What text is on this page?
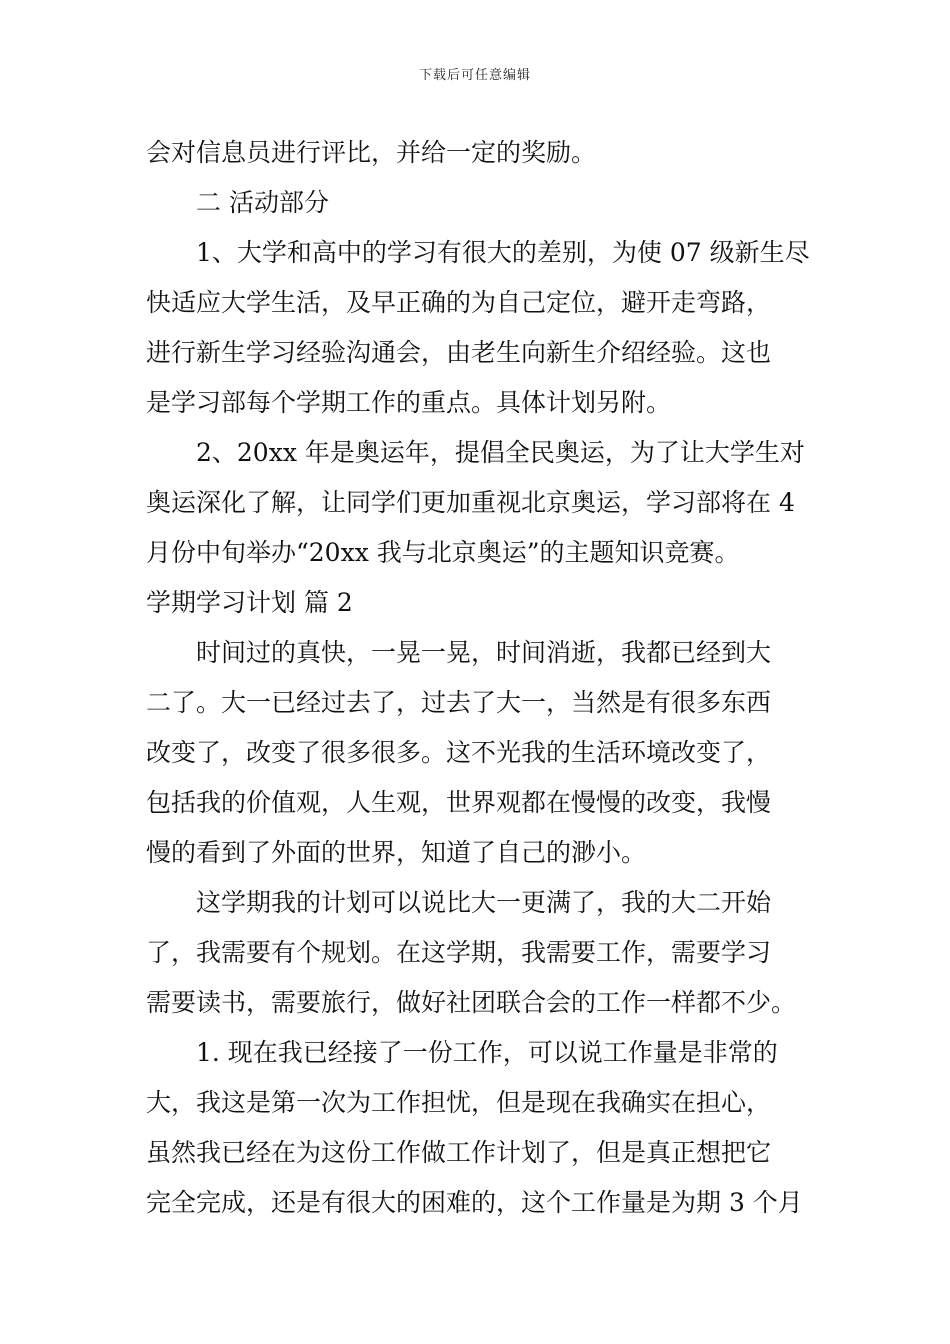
下载后可任意编辑
会对信息员进行评比，并给一定的奖励。
二 活动部分
1、大学和高中的学习有很大的差别，为使 07 级新生尽
快适应大学生活，及早正确的为自己定位，避开走弯路，
进行新生学习经验沟通会，由老生向新生介绍经验。这也
是学习部每个学期工作的重点。具体计划另附。
2、20xx 年是奥运年，提倡全民奥运，为了让大学生对
奥运深化了解，让同学们更加重视北京奥运，学习部将在 4
月份中旬举办“20xx 我与北京奥运”的主题知识竞赛。
学期学习计划 篇 2
时间过的真快，一晃一晃，时间消逝，我都已经到大
二了。大一已经过去了，过去了大一，当然是有很多东西
改变了，改变了很多很多。这不光我的生活环境改变了，
包括我的价值观，人生观，世界观都在慢慢的改变，我慢
慢的看到了外面的世界，知道了自己的渺小。
这学期我的计划可以说比大一更满了，我的大二开始
了，我需要有个规划。在这学期，我需要工作，需要学习
需要读书，需要旅行，做好社团联合会的工作一样都不少。
1. 现在我已经接了一份工作，可以说工作量是非常的
大，我这是第一次为工作担忧，但是现在我确实在担心，
虽然我已经在为这份工作做工作计划了，但是真正想把它
完全完成，还是有很大的困难的，这个工作量是为期 3 个月
